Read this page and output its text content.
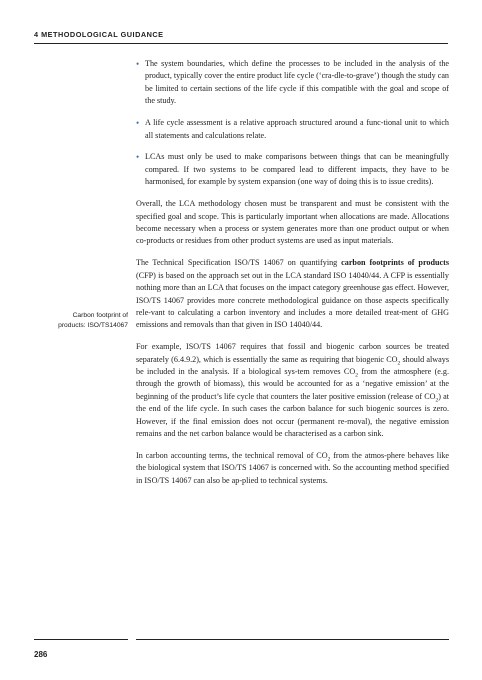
4 METHODOLOGICAL GUIDANCE
Carbon footprint of
products: ISO/TS14067
• The system boundaries, which define the processes to be included in the analysis of the product, typically cover the entire product life cycle (‘cra-dle-to-grave’) though the study can be limited to certain sections of the life cycle if this compatible with the goal and scope of the study.
• A life cycle assessment is a relative approach structured around a func-tional unit to which all statements and calculations relate.
• LCAs must only be used to make comparisons between things that can be meaningfully compared. If two systems to be compared lead to different impacts, they have to be harmonised, for example by system expansion (one way of doing this is to issue credits).

Overall, the LCA methodology chosen must be transparent and must be consistent with the specified goal and scope. This is particularly important when allocations are made. Allocations become necessary when a process or system generates more than one product output or when co-products or residues from other product systems are used as input materials.

The Technical Specification ISO/TS 14067 on quantifying carbon footprints of products (CFP) is based on the approach set out in the LCA standard ISO 14040/44. A CFP is essentially nothing more than an LCA that focuses on the impact category greenhouse gas effect. However, ISO/TS 14067 provides more concrete methodological guidance on those aspects specifically rele-vant to calculating a carbon inventory and includes a more detailed treat-ment of GHG emissions and removals than that given in ISO 14040/44.

For example, ISO/TS 14067 requires that fossil and biogenic carbon sources be treated separately (6.4.9.2), which is essentially the same as requiring that biogenic $CO_2$ should always be included in the analysis. If a biological sys-tem removes $CO_2$ from the atmosphere (e.g. through the growth of biomass), this would be accounted for as a ‘negative emission’ at the beginning of the product’s life cycle that counters the later positive emission (release of $CO_2$) at the end of the life cycle. In such cases the carbon balance for such biogenic sources is zero. However, if the final emission does not occur (permanent re-moval), the negative emission remains and the net carbon balance would be characterised as a carbon sink.

In carbon accounting terms, the technical removal of $CO_2$ from the atmos-phere behaves like the biological system that ISO/TS 14067 is concerned with. So the accounting method specified in ISO/TS 14067 can also be ap-plied to technical systems.

286
